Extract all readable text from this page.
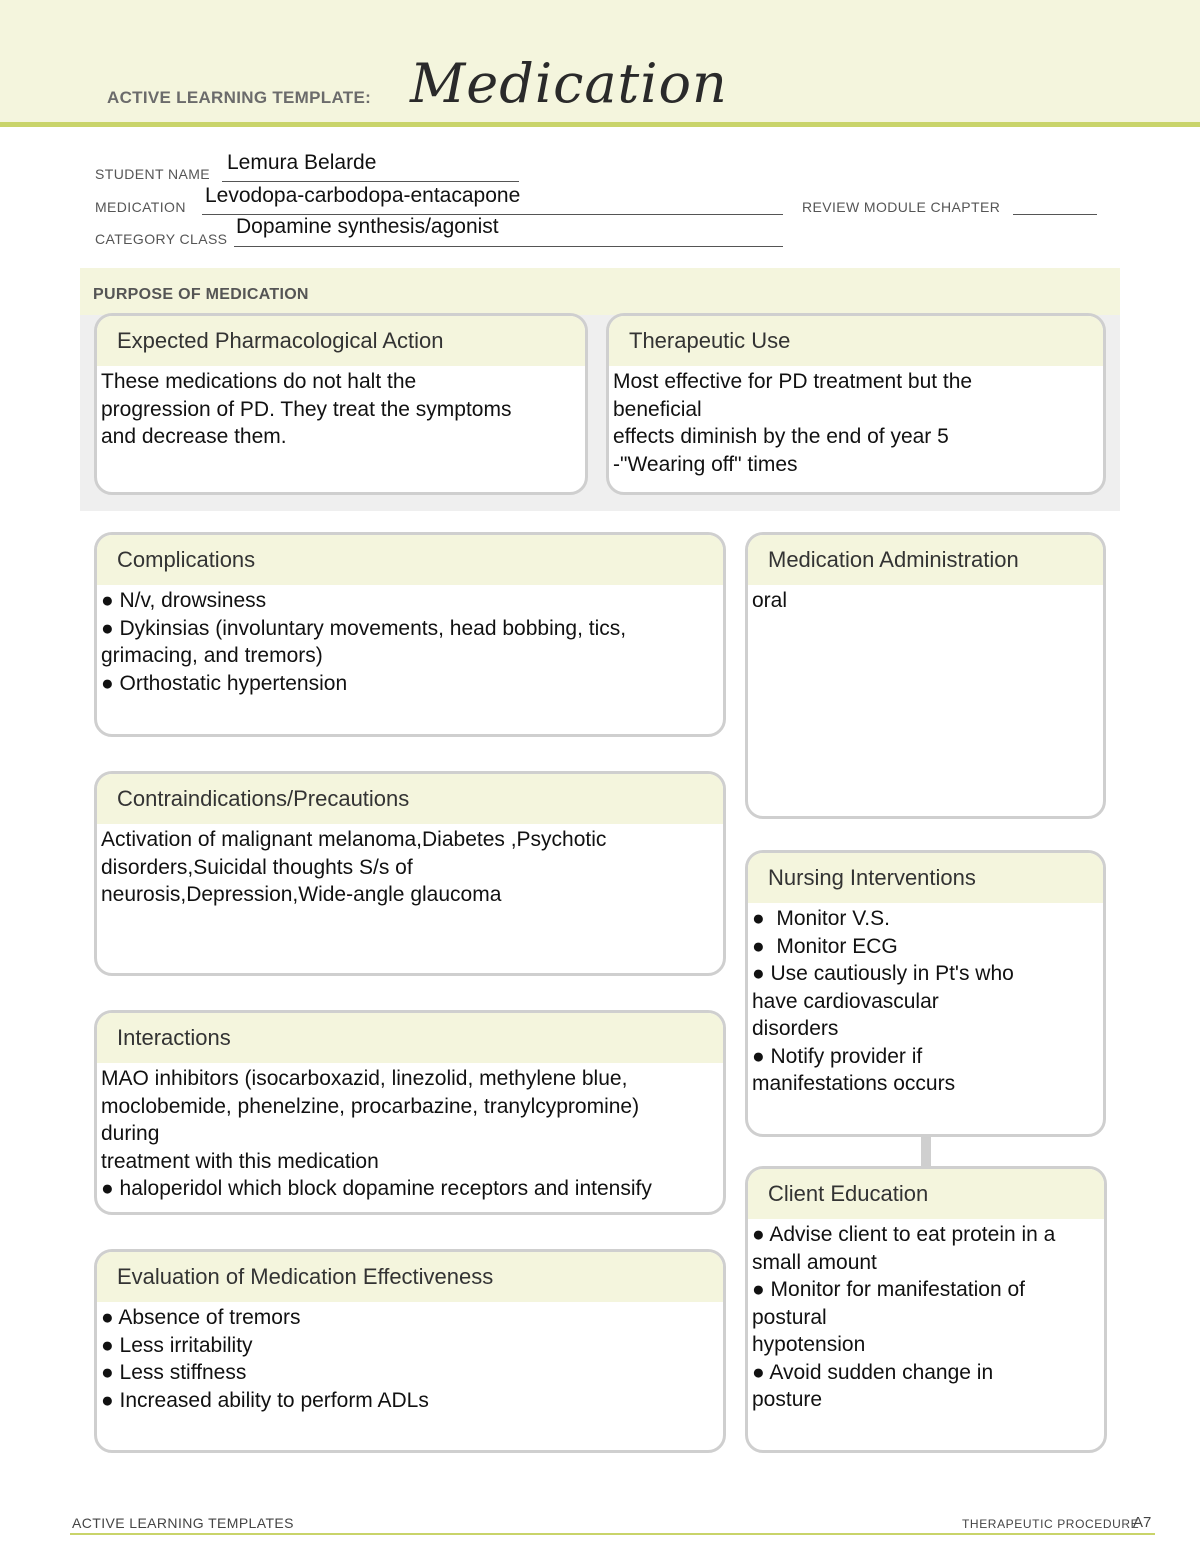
ACTIVE LEARNING TEMPLATE: Medication
STUDENT NAME Lemura Belarde
MEDICATION Levodopa-carbodopa-entacapone	REVIEW MODULE CHAPTER
CATEGORY CLASS
Dopamine synthesis/agonist
PURPOSE OF MEDICATION
Expected Pharmacological Action
These medications do not halt the
progression of PD. They treat the symptoms
and decrease them.
Therapeutic Use
Most effective for PD treatment but the
beneficial
effects diminish by the end of year 5
-"Wearing off" times
Complications
● N/v, drowsiness
● Dykinsias (involuntary movements, head bobbing, tics,
grimacing, and tremors)
● Orthostatic hypertension
Medication Administration
oral
Contraindications/Precautions
Activation of malignant melanoma,Diabetes ,Psychotic
disorders,Suicidal thoughts S/s of
neurosis,Depression,Wide-angle glaucoma
Nursing Interventions
●  Monitor V.S.
●  Monitor ECG
● Use cautiously in Pt's who
have cardiovascular
disorders
● Notify provider if
manifestations occurs
Interactions
MAO inhibitors (isocarboxazid, linezolid, methylene blue,
moclobemide, phenelzine, procarbazine, tranylcypromine)
during
treatment with this medication
● haloperidol which block dopamine receptors and intensify	Client Education
● Advise client to eat protein in a
small amount
● Monitor for manifestation of
postural
hypotension
● Avoid sudden change in
posture
Evaluation of Medication Effectiveness
● Absence of tremors
● Less irritability
● Less stiffness
● Increased ability to perform ADLs
ACTIVE LEARNING TEMPLATES	THERAPEUTIC PROCEDURE
A7
